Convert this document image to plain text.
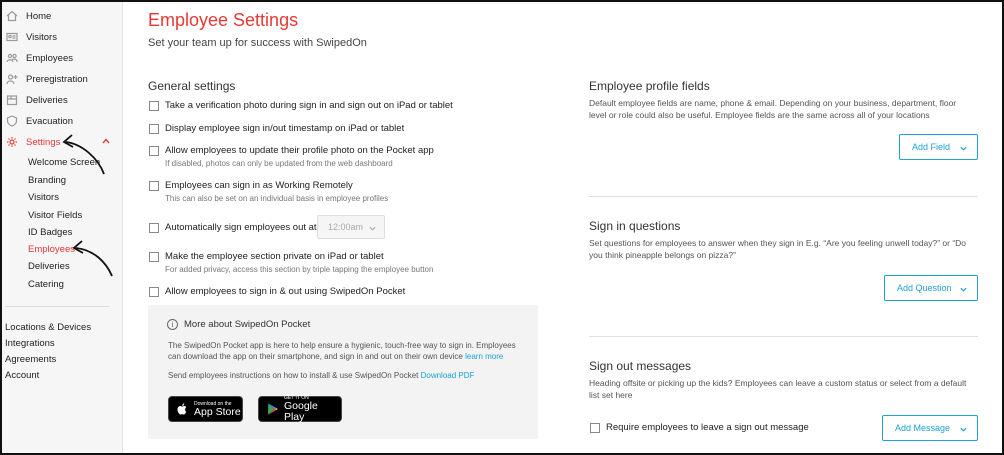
Home
Visitors
Employees
Preregistration
Deliveries
Evacuation
Settings
Welcome Screen
Branding
Visitors
Visitor Fields
ID Badges
Employees
Deliveries
Catering
Locations & Devices
Integrations
Agreements
Account
Employee Settings
Set your team up for success with SwipedOn
General settings
Take a verification photo during sign in and sign out on iPad or tablet
Display employee sign in/out timestamp on iPad or tablet
Allow employees to update their profile photo on the Pocket app
If disabled, photos can only be updated from the web dashboard
Employees can sign in as Working Remotely
This can also be set on an individual basis in employee profiles
Automatically sign employees out at 12:00am
Make the employee section private on iPad or tablet
For added privacy, access this section by triple tapping the employee button
Allow employees to sign in & out using SwipedOn Pocket
i	More about SwipedOn Pocket
The SwipedOn Pocket app is here to help ensure a hygienic, touch-free way to sign in. Employees can download the app on their smartphone, and sign in and out on their own device learn more
Send employees instructions on how to install & use SwipedOn Pocket Download PDF
Download on the
App Store
GET IT ON
Google Play
Employee profile fields
Default employee fields are name, phone & email. Depending on your business, department, floor level or role could also be useful. Employee fields are the same across all of your locations
Add Field
Sign in questions
Set questions for employees to answer when they sign in E.g. “Are you feeling unwell today?” or “Do you think pineapple belongs on pizza?”
Add Question
Sign out messages
Heading offsite or picking up the kids? Employees can leave a custom status or select from a default list set here
Require employees to leave a sign out message	Add Message
